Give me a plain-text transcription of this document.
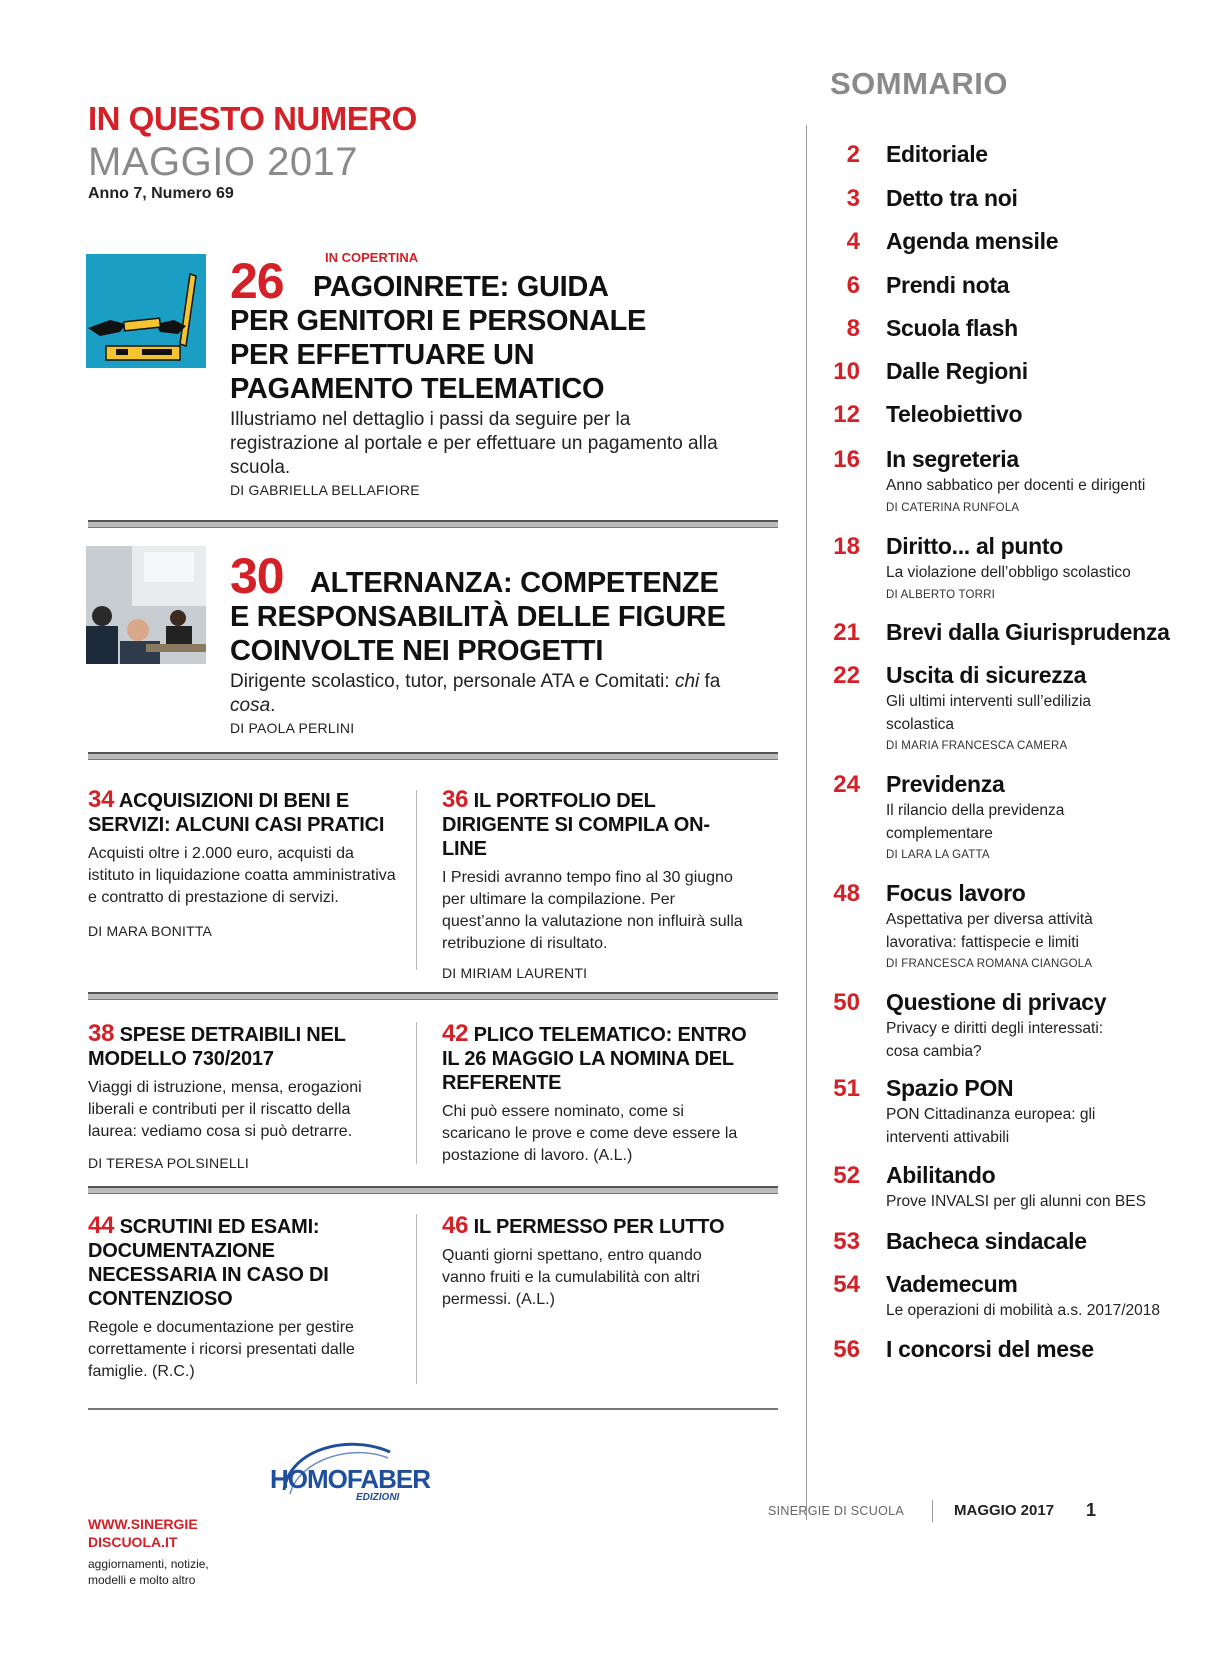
IN QUESTO NUMERO
MAGGIO 2017
Anno 7, Numero 69
IN COPERTINA
26 PAGOINRETE: GUIDA
PER GENITORI E PERSONALE
PER EFFETTUARE UN
PAGAMENTO TELEMATICO
Illustriamo nel dettaglio i passi da seguire per la registrazione al portale e per effettuare un pagamento alla scuola.
DI GABRIELLA BELLAFIORE
30 ALTERNANZA: COMPETENZE
E RESPONSABILITÀ DELLE FIGURE
COINVOLTE NEI PROGETTI
Dirigente scolastico, tutor, personale ATA e Comitati: chi fa cosa.
DI PAOLA PERLINI
34 ACQUISIZIONI DI BENI E SERVIZI: ALCUNI CASI PRATICI
Acquisti oltre i 2.000 euro, acquisti da istituto in liquidazione coatta amministrativa e contratto di prestazione di servizi.
DI MARA BONITTA
36 IL PORTFOLIO DEL DIRIGENTE SI COMPILA ON-LINE
I Presidi avranno tempo fino al 30 giugno per ultimare la compilazione. Per quest’anno la valutazione non influirà sulla retribuzione di risultato.
DI MIRIAM LAURENTI
38 SPESE DETRAIBILI NEL MODELLO 730/2017
Viaggi di istruzione, mensa, erogazioni liberali e contributi per il riscatto della laurea: vediamo cosa si può detrarre.
DI TERESA POLSINELLI
42 PLICO TELEMATICO: ENTRO IL 26 MAGGIO LA NOMINA DEL REFERENTE
Chi può essere nominato, come si scaricano le prove e come deve essere la postazione di lavoro. (A.L.)
44 SCRUTINI ED ESAMI: DOCUMENTAZIONE NECESSARIA IN CASO DI CONTENZIOSO
Regole e documentazione per gestire correttamente i ricorsi presentati dalle famiglie. (R.C.)
46 IL PERMESSO PER LUTTO
Quanti giorni spettano, entro quando vanno fruiti e la cumulabilità con altri permessi. (A.L.)
SOMMARIO
2 Editoriale
3 Detto tra noi
4 Agenda mensile
6 Prendi nota
8 Scuola flash
10 Dalle Regioni
12 Teleobiettivo
16 In segreteria
Anno sabbatico per docenti e dirigenti
DI CATERINA RUNFOLA
18 Diritto... al punto
La violazione dell’obbligo scolastico
DI ALBERTO TORRI
21 Brevi dalla Giurisprudenza
22 Uscita di sicurezza
Gli ultimi interventi sull’edilizia scolastica
DI MARIA FRANCESCA CAMERA
24 Previdenza
Il rilancio della previdenza complementare
DI LARA LA GATTA
48 Focus lavoro
Aspettativa per diversa attività lavorativa: fattispecie e limiti
DI FRANCESCA ROMANA CIANGOLA
50 Questione di privacy
Privacy e diritti degli interessati: cosa cambia?
51 Spazio PON
PON Cittadinanza europea: gli interventi attivabili
52 Abilitando
Prove INVALSI per gli alunni con BES
53 Bacheca sindacale
54 Vademecum
Le operazioni di mobilità a.s. 2017/2018
56 I concorsi del mese
WWW.SINERGIE
DISCUOLA.IT
aggiornamenti, notizie, modelli e molto altro
HOMOFABER
EDIZIONI
SINERGIE DI SCUOLA	MAGGIO 2017 1
